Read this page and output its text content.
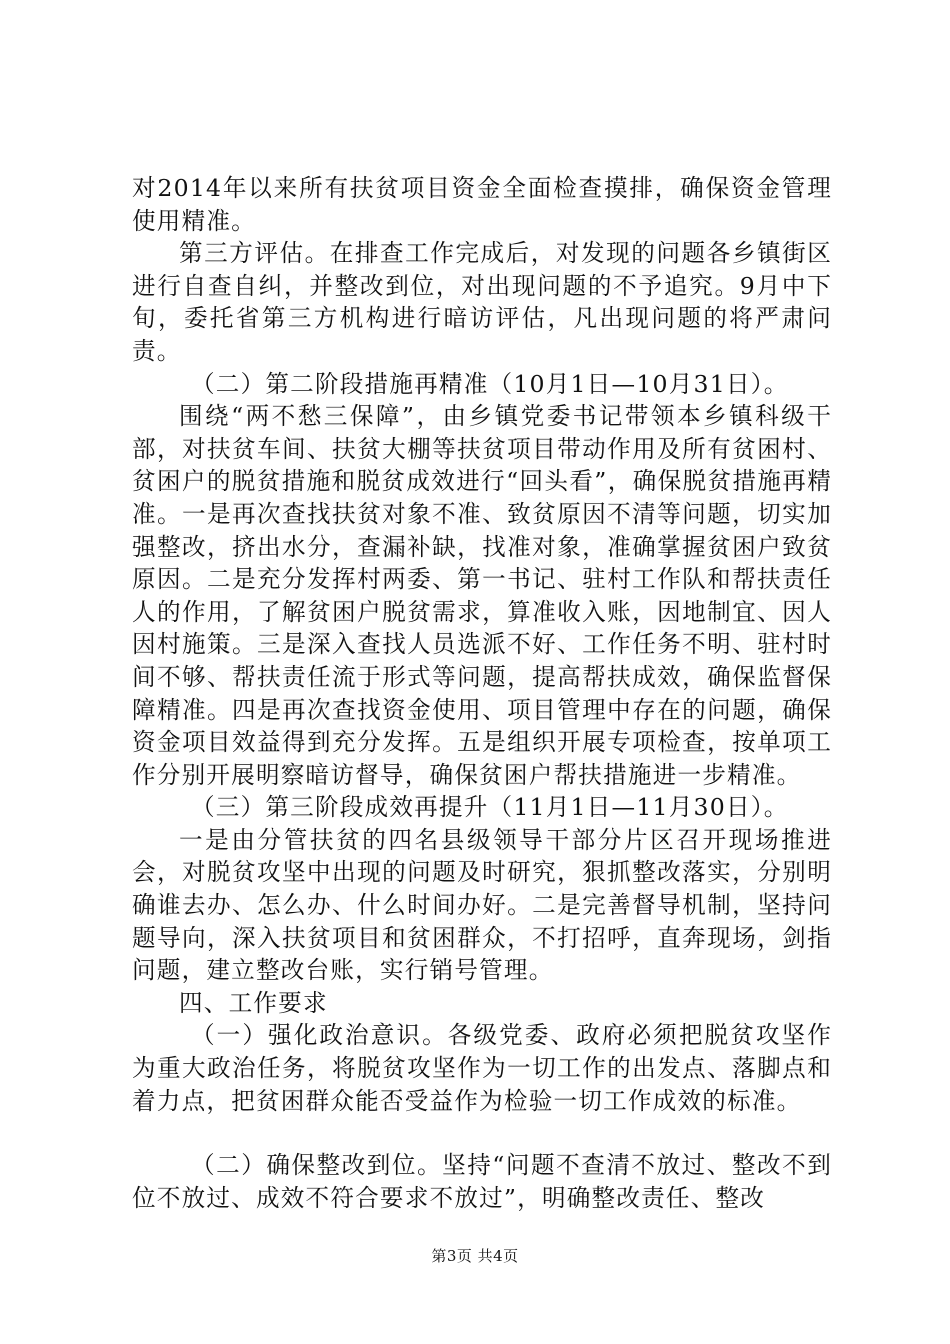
对2014年以来所有扶贫项目资金全面检查摸排，确保资金管理使用精准。

第三方评估。在排查工作完成后，对发现的问题各乡镇街区进行自查自纠，并整改到位，对出现问题的不予追究。9月中下旬，委托省第三方机构进行暗访评估，凡出现问题的将严肃问责。

（二）第二阶段措施再精准（10月1日—10月31日）。

围绕“两不愁三保障”，由乡镇党委书记带领本乡镇科级干部，对扶贫车间、扶贫大棚等扶贫项目带动作用及所有贫困村、贫困户的脱贫措施和脱贫成效进行“回头看”，确保脱贫措施再精准。一是再次查找扶贫对象不准、致贫原因不清等问题，切实加强整改，挤出水分，查漏补缺，找准对象，准确掌握贫困户致贫原因。二是充分发挥村两委、第一书记、驻村工作队和帮扶责任人的作用，了解贫困户脱贫需求，算准收入账，因地制宜、因人因村施策。三是深入查找人员选派不好、工作任务不明、驻村时间不够、帮扶责任流于形式等问题，提高帮扶成效，确保监督保障精准。四是再次查找资金使用、项目管理中存在的问题，确保资金项目效益得到充分发挥。五是组织开展专项检查，按单项工作分别开展明察暗访督导，确保贫困户帮扶措施进一步精准。

（三）第三阶段成效再提升（11月1日—11月30日）。

一是由分管扶贫的四名县级领导干部分片区召开现场推进会，对脱贫攻坚中出现的问题及时研究，狠抓整改落实，分别明确谁去办、怎么办、什么时间办好。二是完善督导机制，坚持问题导向，深入扶贫项目和贫困群众，不打招呼，直奔现场，剑指问题，建立整改台账，实行销号管理。

四、工作要求

（一）强化政治意识。各级党委、政府必须把脱贫攻坚作为重大政治任务，将脱贫攻坚作为一切工作的出发点、落脚点和着力点，把贫困群众能否受益作为检验一切工作成效的标准。

（二）确保整改到位。坚持“问题不查清不放过、整改不到位不放过、成效不符合要求不放过”，明确整改责任、整改

第3页 共4页
